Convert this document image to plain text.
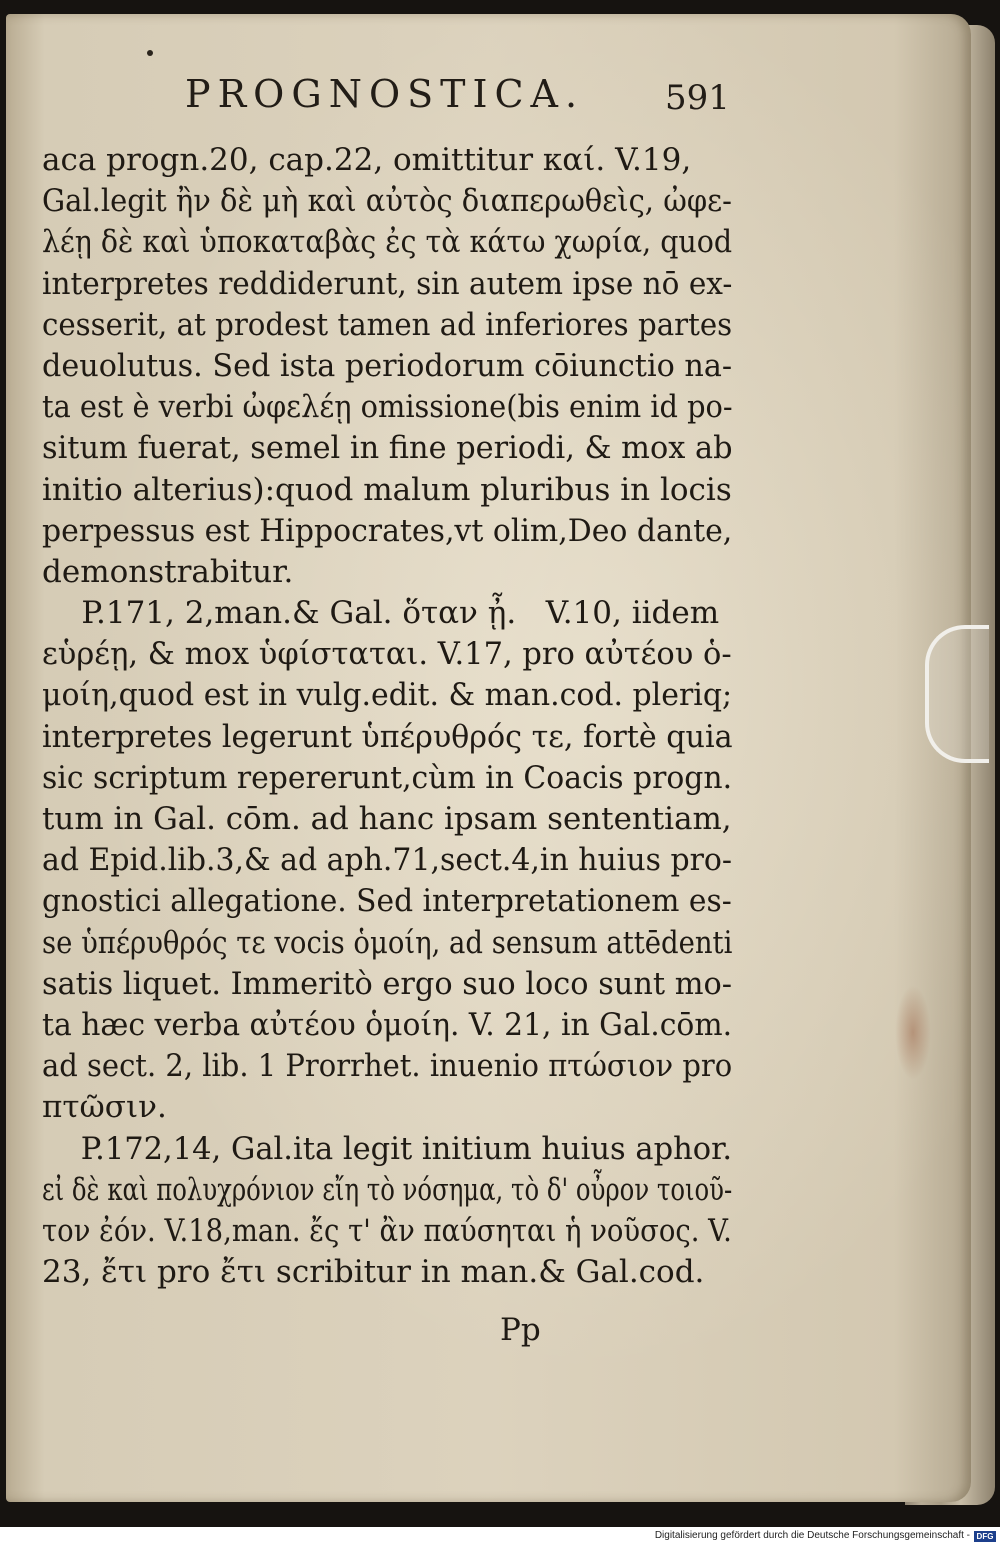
PROGNOSTICA.	591
aca progn.20, cap.22, omittitur καί. V.19,
Gal.legit ἢν δὲ μὴ καὶ αὐτὸς διαπερωθεὶς, ὠφε-
λέῃ δὲ καὶ ὑποκαταβὰς ἐς τὰ κάτω χωρία, quod
interpretes reddiderunt, sin autem ipse nō ex-
cesserit, at prodest tamen ad inferiores partes
deuolutus. Sed ista periodorum cōiunctio na-
ta est è verbi ὠφελέῃ omissione(bis enim id po-
situm fuerat, semel in fine periodi, & mox ab
initio alterius):quod malum pluribus in locis
perpessus est Hippocrates,vt olim,Deo dante,
demonstrabitur.
P.171, 2,man.& Gal. ὅταν ᾖ.   V.10, iidem
εὑρέῃ, & mox ὑφίσταται. V.17, pro αὐτέου ὁ-
μοίη,quod est in vulg.edit. & man.cod. pleriq;
interpretes legerunt ὑπέρυθρός τε, fortè quia
sic scriptum repererunt,cùm in Coacis progn.
tum in Gal. cōm. ad hanc ipsam sententiam,
ad Epid.lib.3,& ad aph.71,sect.4,in huius pro-
gnostici allegatione. Sed interpretationem es-
se ὑπέρυθρός τε vocis ὁμοίη, ad sensum attēdenti
satis liquet. Immeritò ergo suo loco sunt mo-
ta hæc verba αὐτέου ὁμοίη. V. 21, in Gal.cōm.
ad sect. 2, lib. 1 Prorrhet. inuenio πτώσιον pro
πτῶσιν.
P.172,14, Gal.ita legit initium huius aphor.
εἰ δὲ καὶ πολυχρόνιον εἴη τὸ νόσημα, τὸ δ' οὖρον τοιοῦ-
τον ἐόν. V.18,man. ἔς τ' ἂν παύσηται ἡ νοῦσος. V.
23, ἔτι pro ἔτι scribitur in man.& Gal.cod.
Pp
Digitalisierung gefördert durch die Deutsche Forschungsgemeinschaft - DFG
